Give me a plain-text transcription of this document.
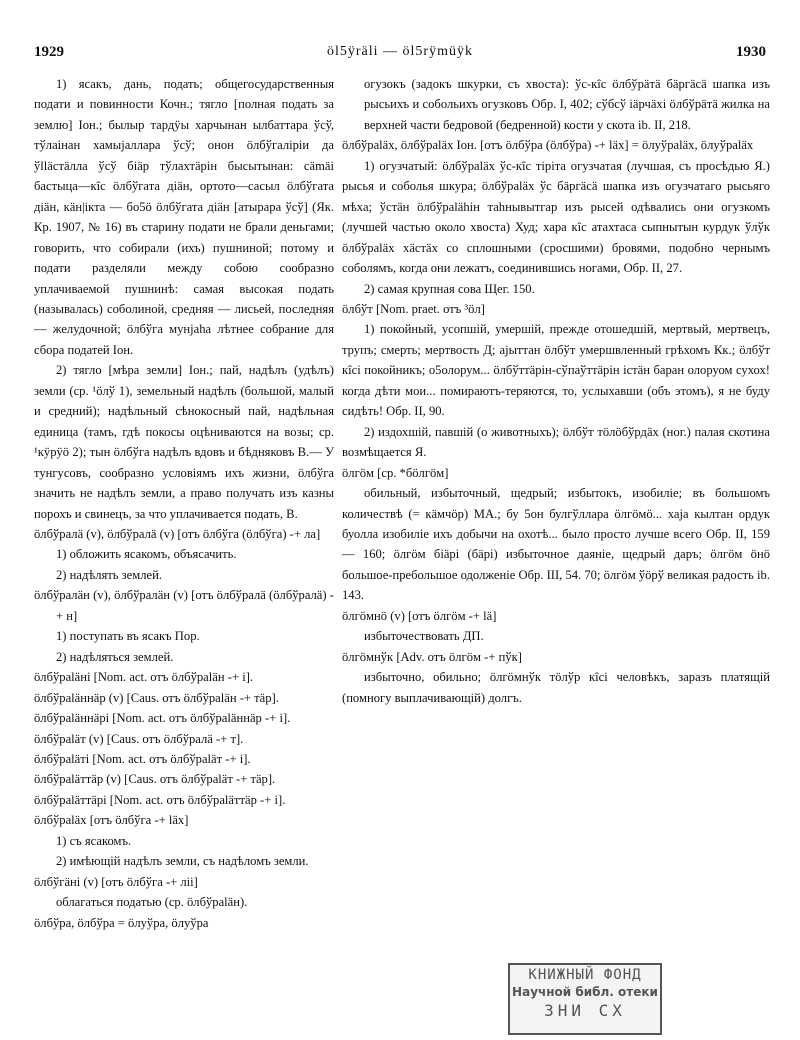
1929	öl5ÿräli — öl5rÿmüÿk	1930

1) ясакъ, дань, подать; общегосударственныя подати и повинности Кочн.; тягло [полная подать за землю] Іон.; былыр тардÿы харчынан ылбаттара ўсў, тўлаінан хамыjаллара ўсў; онон öлбўгаліріи да ўlläстäлла ўсў біäр тўлахтäрін бысытынан: сämäi бастыца—кîс öлбўгата дiäн, ортото—сасыл öлбўгата дiäн, кäн|ікта — бо5ö öлбўгата дiäн [атырара ўсў] (Як. Кр. 1907, № 16) въ старину подати не брали деньгами; говорить, что собирали (ихъ) пушниной; потому и подати разделяли между собою сообразно уплачиваемой пушнинѣ: самая высокая подать (называлась) соболиной, средняя — лисьей, последняя — желудочной; öлбўга мунjаhа лѣтнее собрание для сбора податей Іон.

2) тягло [мѣра земли] Іон.; пай, надѣлъ (удѣлъ) земли (ср. ¹öлў 1), земельный надѣлъ (большой, малый и средний); надѣльный сѣнокосный пай, надѣльная единица (тамъ, гдѣ покосы оцѣниваются на возы; ср. ¹кÿрÿö 2); тын öлбўга надѣлъ вдовъ и бѣдняковъ В.— У тунгусовъ, сообразно условіямъ ихъ жизни, öлбўга значить не надѣлъ земли, а право получать изъ казны порохъ и свинецъ, за что уплачивается подать, В.

öлбўралä (v), öлбўралä (v) [отъ öлбўга (öлбўга) -+ ла]

1) обложить ясакомъ, объясачить.

2) надѣлять землей.

öлбўралäн (v), öлбўралäн (v) [отъ öлбўралä (öлбўралä) -+ н]

1) поступать въ ясакъ Пор.

2) надѣляться землей.

öлбўраläнi [Nom. act. отъ öлбўраläн -+ i].

öлбўраläннäр (v) [Caus. отъ öлбўраläн -+ тäр].

öлбўраläннäрi [Nom. act. отъ öлбўраläннäр -+ i].

öлбўраläт (v) [Caus. отъ öлбўралä -+ т].

öлбўраläтi [Nom. act. отъ öлбўраläт -+ i].

öлбўраläттäр (v) [Caus. отъ öлбўраläт -+ тäр].

öлбўраläттäрi [Nom. act. отъ öлбўраläттäр -+ i].

öлбўраläх [отъ öлбўга -+ läх]

1) съ ясакомъ.

2) имѣющій надѣлъ земли, съ надѣломъ земли.

öлбўгäнi (v) [отъ öлбўга -+ лii]

облагаться податью (ср. öлбўраläн).

öлбўра, öлбўра = öлуўра, öлуўра

огузокъ (задокъ шкурки, съ хвоста): ўс-кîс öлбўрäтä бäргäсä шапка изъ рысьихъ и собольихъ огузковъ Обр. I, 402; сўбсў iäрчäхi öлбўрäтä жилка на верхней части бедровой (бедренной) кости у скота ib. II, 218.

öлбўраläх, öлбўраläх Іон. [отъ öлбўра (öлбўра) -+ läх] = öлуўраläх, öлуўраläх

1) огузчатый: öлбўраläх ўс-кîс тіріта огузчатая (лучшая, съ просѣдью Я.) рысья и соболья шкура; öлбўраläх ўс бäргäсä шапка изъ огузчатаго рысьяго мѣха; ўстäн öлбўраlähін таhнывытгар изъ рысей одѣвались они огузкомъ (лучшей частью около хвоста) Худ; хара кîс атахтаса сыпнытын курдук ўлўк öлбўраläх хäстäх со сплошными (сросшими) бровями, подобно чернымъ соболямъ, когда они лежатъ, соединившись ногами, Обр. II, 27.

2) самая крупная сова Щег. 150.

öлбўт [Nom. praet. отъ ³öл]

1) покойный, усопшій, умершій, прежде отошедшій, мертвый, мертвецъ, трупъ; смерть; мертвость Д; аjыттан öлбўт умершвленный грѣхомъ Кк.; öлбўт кîсi покойникъ; о5олорум... öлбўттäрін-сўпаўттäрін істäн баран олоруом сухох! когда дѣти мои... помираютъ-теряются, то, услыхавши (объ этомъ), я не буду сидѣть! Обр. II, 90.

2) издохшій, павшій (о животныхъ); öлбўт тöлöбўрдäх (ног.) палая скотина возмѣщается Я.

öлгöм [ср. *бöлгöм]

обильный, избыточный, щедрый; избытокъ, изобиліе; въ большомъ количествѣ (= кäмчöр) МА.; бу 5он булгўллара öлгöмö... хаjа кылтан ордук буолла изобиліе ихъ добычи на охотѣ... было просто лучше всего Обр. II, 159 — 160; öлгöм бiäрi (бäрi) избыточное даяніе, щедрый даръ; öлгöм öнö большое-пребольшое одолженіе Обр. III, 54. 70; öлгöм ўöрў великая радость ib. 143.

öлгöмнö (v) [отъ öлгöм -+ lä]

избыточествовать ДП.

öлгöмнўк [Adv. отъ öлгöм -+ пўк]

избыточно, обильно; öлгöмнўк тöлўр кîсi человѣкъ, заразъ платящій (помногу выплачивающій) долгъ.

КНИЖНЫЙ ФОНД
Научной библ. отеки
ЗНИ СХ
